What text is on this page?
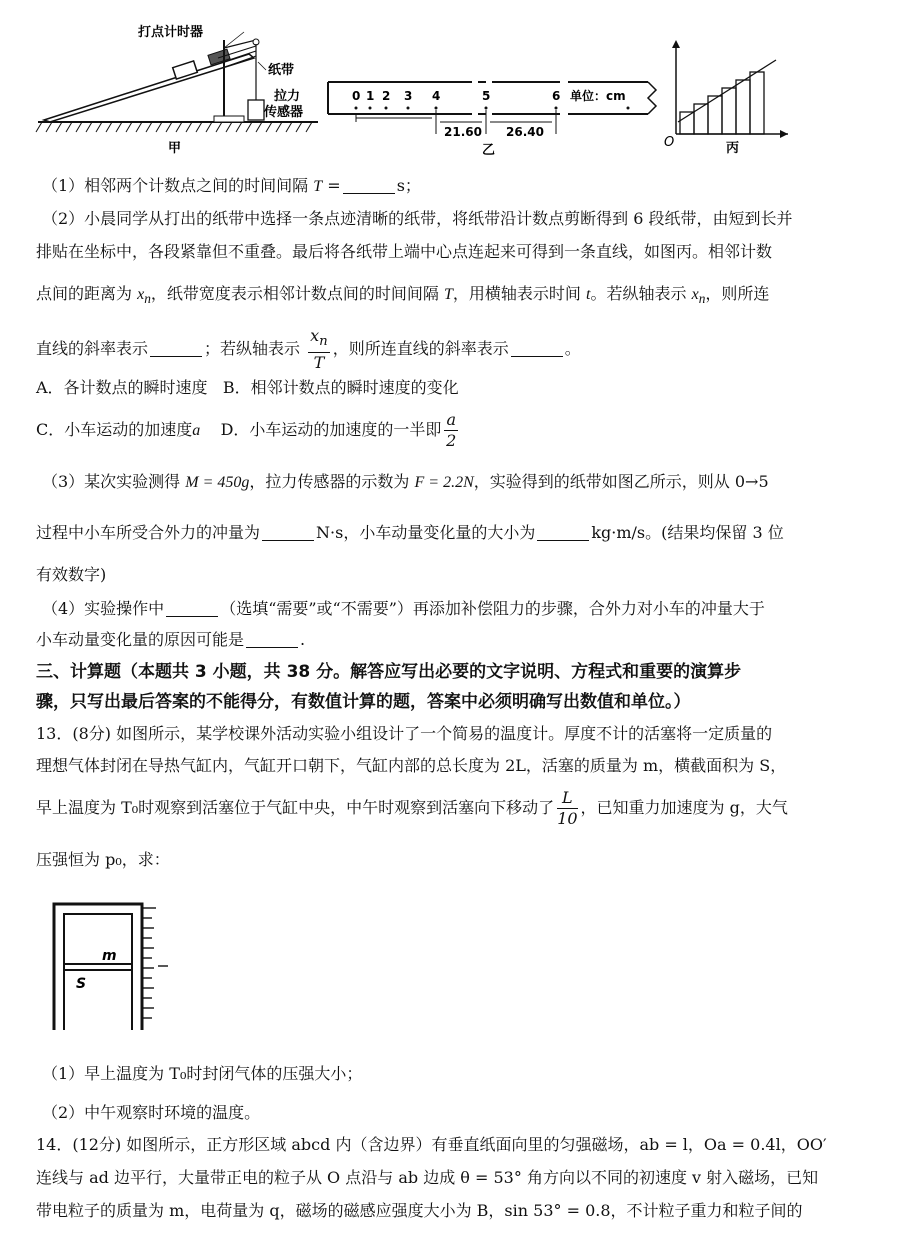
打点计时器
纸带
拉力
传感器
甲
0 1 2 3 4	5	6 单位：cm
21.60 26.40
乙
O	丙
（1）相邻两个计数点之间的时间间隔 T =	s；
（2）小晨同学从打出的纸带中选择一条点迹清晰的纸带，将纸带沿计数点剪断得到 6 段纸带，由短到长并
排贴在坐标中，各段紧靠但不重叠。最后将各纸带上端中心点连起来可得到一条直线，如图丙。相邻计数
点间的距离为 $x_n$，纸带宽度表示相邻计数点间的时间间隔 T，用横轴表示时间 t。若纵轴表示 $x_n$，则所连
直线的斜率表示	；若纵轴表示 $\frac{x_n}{T}$ ，则所连直线的斜率表示	。
A．各计数点的瞬时速度 B．相邻计数点的瞬时速度的变化
C．小车运动的加速度a D．小车运动的加速度的一半即 $\frac{a}{2}$
（3）某次实验测得 M = 450g，拉力传感器的示数为 F = 2.2N，实验得到的纸带如图乙所示，则从 0→5
过程中小车所受合外力的冲量为	N·s，小车动量变化量的大小为	kg·m/s。(结果均保留 3 位
有效数字)
（4）实验操作中	（选填“需要”或“不需要”）再添加补偿阻力的步骤，合外力对小车的冲量大于
小车动量变化量的原因可能是	.
三、计算题（本题共 3 小题，共 38 分。解答应写出必要的文字说明、方程式和重要的演算步
骤，只写出最后答案的不能得分，有数值计算的题，答案中必须明确写出数值和单位。）
13．(8分) 如图所示，某学校课外活动实验小组设计了一个简易的温度计。厚度不计的活塞将一定质量的
理想气体封闭在导热气缸内，气缸开口朝下，气缸内部的总长度为 2L，活塞的质量为 m，横截面积为 S，
早上温度为 T₀时观察到活塞位于气缸中央，中午时观察到活塞向下移动了 $\frac{L}{10}$ ，已知重力加速度为 g，大气
压强恒为 p₀，求：
m
S
（1）早上温度为 T₀时封闭气体的压强大小；
（2）中午观察时环境的温度。
14．(12分) 如图所示，正方形区域 abcd 内（含边界）有垂直纸面向里的匀强磁场，ab = l，Oa = 0.4l，OO′
连线与 ad 边平行，大量带正电的粒子从 O 点沿与 ab 边成 θ = 53° 角方向以不同的初速度 v 射入磁场，已知
带电粒子的质量为 m，电荷量为 q，磁场的磁感应强度大小为 B，sin 53° = 0.8，不计粒子重力和粒子间的
